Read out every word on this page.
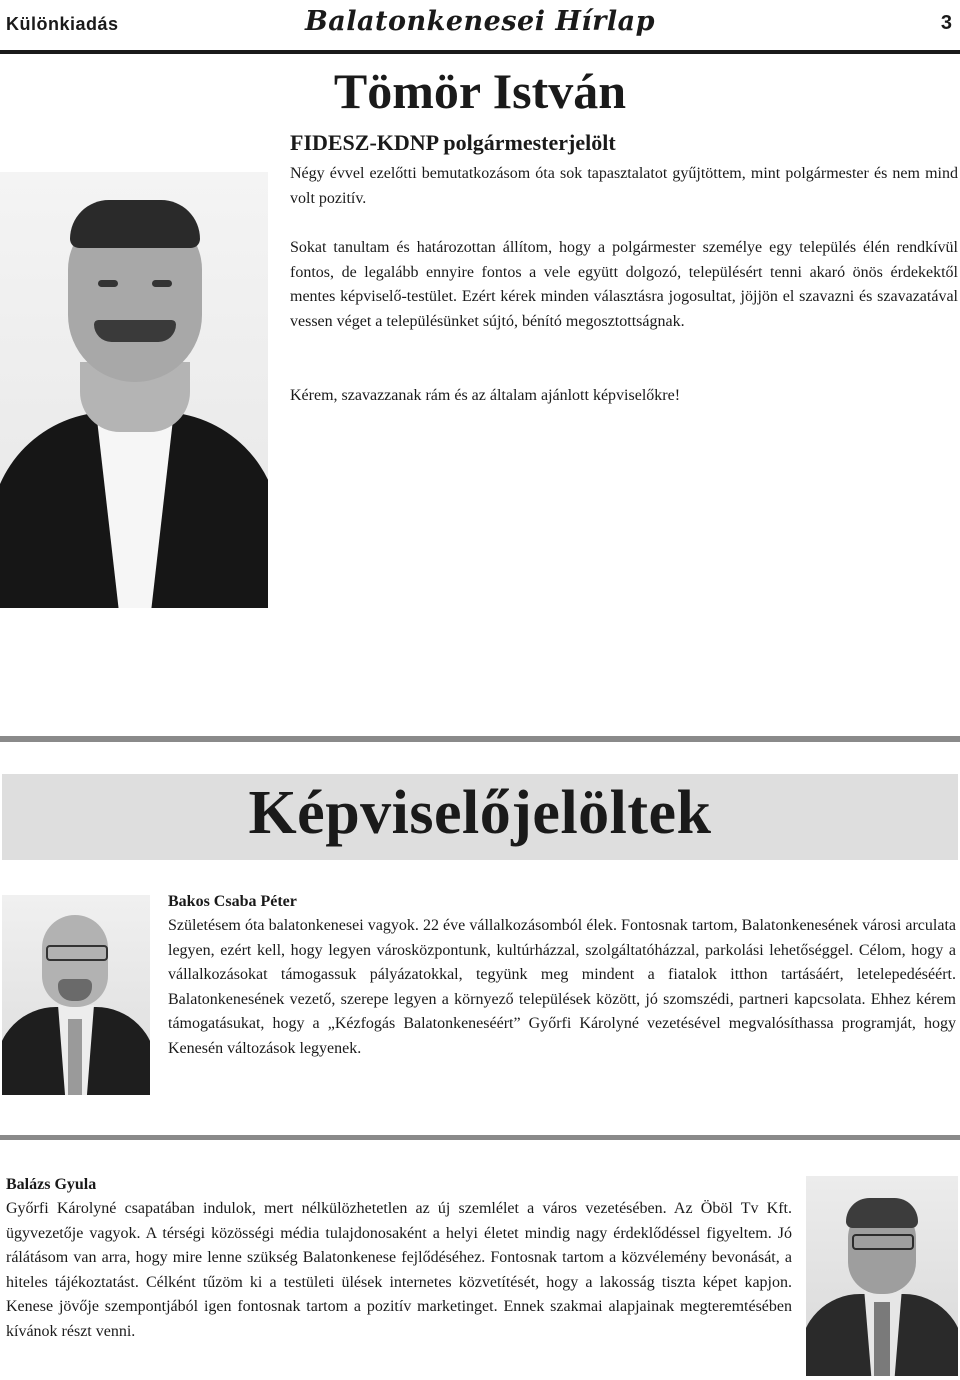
Különkiadás	Balatonkenesei Hírlap	3
Tömör István
FIDESZ-KDNP polgármesterjelölt
Négy évvel ezelőtti bemutatkozásom óta sok tapasztalatot gyűjtöttem, mint polgármester és nem mind volt pozitív.
Sokat tanultam és határozottan állítom, hogy a polgármester személye egy település élén rendkívül fontos, de legalább ennyire fontos a vele együtt dolgozó, településért tenni akaró önös érdekektől mentes képviselő-testület. Ezért kérek minden választásra jogosultat, jöjjön el szavazni és szavazatával vessen véget a településünket sújtó, bénító megosztottságnak.
Kérem, szavazzanak rám és az általam ajánlott képviselőkre!
Képviselőjelöltek
Bakos Csaba Péter
Születésem óta balatonkenesei vagyok. 22 éve vállalkozásomból élek. Fontosnak tartom, Balatonkenesének városi arculata legyen, ezért kell, hogy legyen városközpontunk, kultúrházzal, szolgáltatóházzal, parkolási lehetőséggel. Célom, hogy a vállalkozásokat támogassuk pályázatokkal, tegyünk meg mindent a fiatalok itthon tartásáért, letelepedéséért. Balatonkenesének vezető, szerepe legyen a környező települések között, jó szomszédi, partneri kapcsolata. Ehhez kérem támogatásukat, hogy a „Kézfogás Balatonkeneséért” Győrfi Károlyné vezetésével megvalósíthassa programját, hogy Kenesén változások legyenek.
Balázs Gyula
Győrfi Károlyné csapatában indulok, mert nélkülözhetetlen az új szemlélet a város vezetésében. Az Öböl Tv Kft. ügyvezetője vagyok. A térségi közösségi média tulajdonosaként a helyi életet mindig nagy érdeklődéssel figyeltem. Jó rálátásom van arra, hogy mire lenne szükség Balatonkenese fejlődéséhez. Fontosnak tartom a közvélemény bevonását, a hiteles tájékoztatást. Célként tűzöm ki a testületi ülések internetes közvetítését, hogy a lakosság tiszta képet kapjon. Kenese jövője szempontjából igen fontosnak tartom a pozitív marketinget. Ennek szakmai alapjainak megteremtésében kívánok részt venni.
